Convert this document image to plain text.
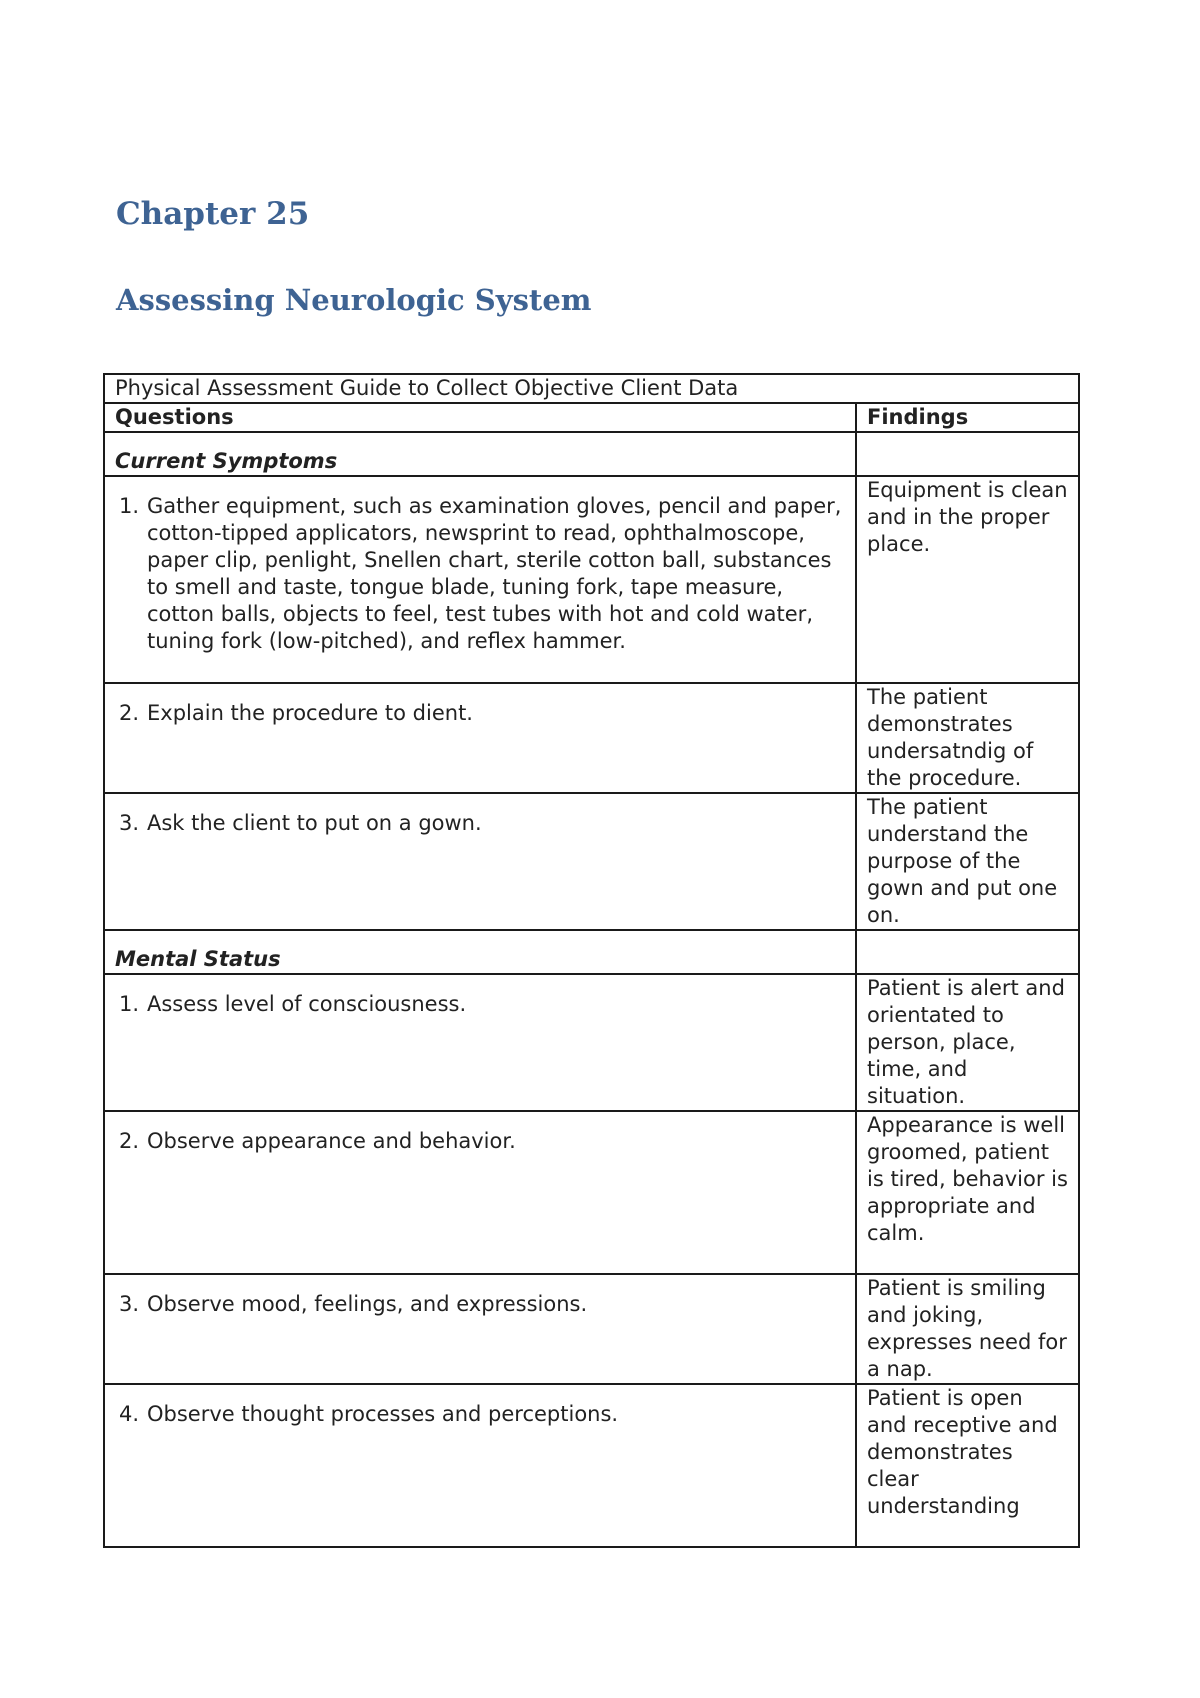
Chapter 25
Assessing Neurologic System
Physical Assessment Guide to Collect Objective Client Data	
Questions	Findings
Current Symptoms	

1. Gather equipment, such as examination gloves, pencil and paper, cotton-tipped applicators, newsprint to read, ophthalmoscope, paper clip, penlight, Snellen chart, sterile cotton ball, substances to smell and taste, tongue blade, tuning fork, tape measure, cotton balls, objects to feel, test tubes with hot and cold water, tuning fork (low-pitched), and reflex hammer.	Equipment is clean and in the proper place.

2. Explain the procedure to dient.	The patient demonstrates undersatndig of the procedure.

3. Ask the client to put on a gown.	The patient understand the purpose of the gown and put one on.

Mental Status	

1. Assess level of consciousness.	Patient is alert and orientated to person, place, time, and situation.

2. Observe appearance and behavior.	Appearance is well groomed, patient is tired, behavior is appropriate and calm.

3. Observe mood, feelings, and expressions.	Patient is smiling and joking, expresses need for a nap.

4. Observe thought processes and perceptions.	Patient is open and receptive and demonstrates clear understanding
